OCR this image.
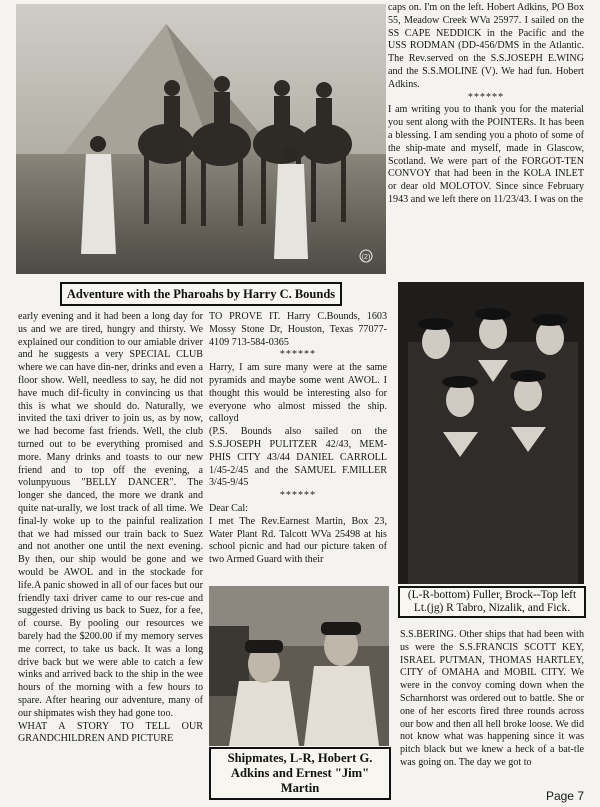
(2)
Adventure with the Pharoahs by Harry C. Bounds

caps on. I'm on the left. Hobert Adkins, PO Box 55, Meadow Creek WVa 25977. I sailed on the SS CAPE NEDDICK in the Pacific and the USS RODMAN (DD-456/DMS in the Atlantic. The Rev.served on the S.S.JOSEPH E.WING and the S.S.MOLINE (V). We had fun. Hobert Adkins.

******

I am writing you to thank you for the material you sent along with the POINTERs. It has been a blessing. I am sending you a photo of some of the ship-mate and myself, made in Glascow, Scotland. We were part of the FORGOT-TEN CONVOY that had been in the KOLA INLET or dear old MOLOTOV. Since since February 1943 and we left there on 11/23/43. I was on the

(L-R-bottom) Fuller, Brock--Top left Lt.(jg) R Tabro, Nizalik, and Fick.

early evening and it had been a long day for us and we are tired, hungry and thirsty. We explained our condition to our amiable driver and he suggests a very SPECIAL CLUB where we can have din-ner, drinks and even a floor show. Well, needless to say, he did not have much dif-ficulty in convincing us that this is what we should do. Naturally, we invited the taxi driver to join us, as by now, we had become fast friends. Well, the club turned out to be everything promised and more. Many drinks and toasts to our new friend and to top off the evening, a volunpyuous "BELLY DANCER". The longer she danced, the more we drank and quite nat-urally, we lost track of all time. We final-ly woke up to the painful realization that we had missed our train back to Suez and not another one until the next evening. By then, our ship would be gone and we would be AWOL and in the stockade for life.A panic showed in all of our faces but our friendly taxi driver came to our res-cue and suggested driving us back to Suez, for a fee, of course. By pooling our resources we barely had the $200.00 if my memory serves me correct, to take us back. It was a long drive back but we were able to catch a few winks and arrived back to the ship in the wee hours of the morning with a few hours to spare. After hearing our adventure, many of our shipmates wish they had gone too.

WHAT A STORY TO TELL OUR GRANDCHILDREN AND PICTURE

TO PROVE IT. Harry C.Bounds, 1603 Mossy Stone Dr, Houston, Texas 77077-4109 713-584-0365

******

Harry, I am sure many were at the same pyramids and maybe some went AWOL. I thought this would be interesting also for everyone who almost missed the ship. calloyd

(P.S. Bounds also sailed on the S.S.JOSEPH PULITZER 42/43, MEM-PHIS CITY 43/44 DANIEL CARROLL 1/45-2/45 and the SAMUEL F.MILLER 3/45-9/45

******

Dear Cal:

I met The Rev.Earnest Martin, Box 23, Water Plant Rd. Talcott WVa 25498 at his school picnic and had our picture taken of two Armed Guard with their

Shipmates, L-R, Hobert G. Adkins and Ernest "Jim" Martin

S.S.BERING. Other ships that had been with us were the S.S.FRANCIS SCOTT KEY, ISRAEL PUTMAN, THOMAS HARTLEY, CITY of OMAHA and MOBIL CITY. We were in the convoy coming down when the Scharnhorst was ordered out to battle. She or one of her escorts fired three rounds across our bow and then all hell broke loose. We did not know what was happening since it was pitch black but we knew a heck of a bat-tle was going on. The day we got to

Page 7
